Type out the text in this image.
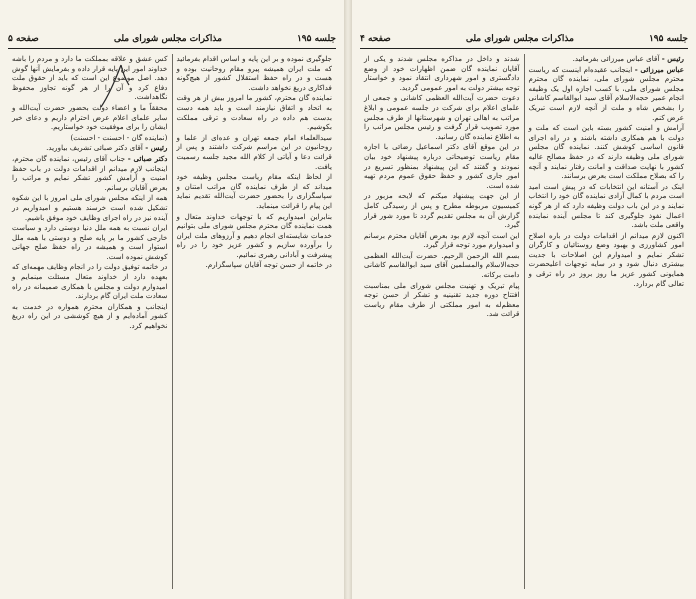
جلسه ۱۹۵
مذاکرات مجلس شورای ملی
صفحه ۵

جلوگیری نموده و بر این پایه و اساس اقدام بفرمائید که ملت ایران همیشه پیرو مقام روحانیت بوده و هست و در راه حفظ استقلال کشور از هیچ‌گونه فداکاری دریغ نخواهد داشت.

نماینده گان محترم، کشور ما امروز بیش از هر وقت به اتحاد و اتفاق نیازمند است و باید همه دست بدست هم داده در راه سعادت و ترقی مملکت بکوشیم.

سیدالعلماء امام جمعه تهران و عده‌ای از علما و روحانیون در این مراسم شرکت داشتند و پس از قرائت دعا و آیاتی از کلام الله مجید جلسه رسمیت یافت.

از لحاظ اینکه مقام ریاست مجلس وظیفه خود میداند که از طرف نماینده گان مراتب امتنان و سپاسگزاری را بحضور حضرت آیت‌الله تقدیم نماید این پیام را قرائت مینماید.

بنابراین امیدواریم که با توجهات خداوند متعال و همت نماینده گان محترم مجلس شورای ملی بتوانیم خدمات شایسته‌ای انجام دهیم و آرزوهای ملت ایران را برآورده سازیم و کشور عزیز خود را در راه پیشرفت و آبادانی رهبری نمائیم.

در خاتمه از حسن توجه آقایان سپاسگزارم.

کس عشق و علاقه بمملکت ما دارد و مردم را باشه خداوند امور این پایه قرار داده و بفرمایش آنها گوش دهد. اصل موضوع این است که باید از حقوق ملت دفاع کرد و آن را از هر گونه تجاوز محفوظ نگاهداشت.

محققاً ما و اعضاء دولت بحضور حضرت آیت‌الله و سایر علمای اعلام عرض احترام داریم و دعای خیر ایشان را برای موفقیت خود خواستاریم.

(نماینده گان - احسنت - احسنت)

رئیس - آقای دکتر صبائی تشریف بیاورید.

دکتر صبائی - جناب آقای رئیس، نماینده گان محترم، اینجانب لازم میدانم از اقدامات دولت در باب حفظ امنیت و آرامش کشور تشکر نمایم و مراتب را بعرض آقایان برسانم.

همه از اینکه مجلس شورای ملی امروز با این شکوه تشکیل شده است خرسند هستیم و امیدواریم در آینده نیز در راه اجرای وظایف خود موفق باشیم.

ایران نسبت به همه ملل دنیا دوستی دارد و سیاست خارجی کشور ما بر پایه صلح و دوستی با همه ملل استوار است و همیشه در راه حفظ صلح جهانی کوشش نموده است.

در خاتمه توفیق دولت را در انجام وظایف مهمه‌ای که بعهده دارد از خداوند متعال مسئلت مینمایم و امیدوارم دولت و مجلس با همکاری صمیمانه در راه سعادت ملت ایران گام بردارند.

اینجانب و همکاران محترم همواره در خدمت به کشور آماده‌ایم و از هیچ کوششی در این راه دریغ نخواهیم کرد.

جلسه ۱۹۵
مذاکرات مجلس شورای ملی
صفحه ۴

رئیس - آقای عباس میرزائی بفرمائید.

عباس میرزائی - اینجانب عقیده‌ام اینست که ریاست محترم مجلس شورای ملی، نماینده گان محترم مجلس شورای ملی، با کسب اجازه اول یک وظیفه انجام عمیر حجه‌الاسلام آقای سید ابوالقاسم کاشانی را بشخص شاه و ملت از آنچه لازم است تبریک عرض کنم.

آرامش و امنیت کشور بسته باین است که ملت و دولت با هم همکاری داشته باشند و در راه اجرای قانون اساسی کوشش کنند. نماینده گان مجلس شورای ملی وظیفه دارند که در حفظ مصالح عالیه کشور با نهایت صداقت و امانت رفتار نمایند و آنچه را که بصلاح مملکت است بعرض برسانند.

اینک در آستانه این انتخابات که در پیش است امید است مردم با کمال آزادی نماینده گان خود را انتخاب نمایند و در این باب دولت وظیفه دارد که از هر گونه اعمال نفوذ جلوگیری کند تا مجلس آینده نماینده واقعی ملت باشد.

اکنون لازم میدانم از اقدامات دولت در باره اصلاح امور کشاورزی و بهبود وضع روستائیان و کارگران تشکر نمایم و امیدوارم این اصلاحات با جدیت بیشتری دنبال شود و در سایه توجهات اعلیحضرت همایونی کشور عزیز ما روز بروز در راه ترقی و تعالی گام بردارد.

شدند و داخل در مذاکره مجلس شدند و یکی از آقایان نماینده گان ضمن اظهارات خود از وضع دادگستری و امور شهرداری انتقاد نمود و خواستار توجه بیشتر دولت به امور عمومی گردید.

دعوت حضرت آیت‌الله العظمی کاشانی و جمعی از علمای اعلام برای شرکت در جلسه عمومی و ابلاغ مراتب به اهالی تهران و شهرستانها از طرف مجلس مورد تصویب قرار گرفت و رئیس مجلس مراتب را به اطلاع نماینده گان رسانید.

در این موقع آقای دکتر اسماعیل رضائی با اجازه مقام ریاست توضیحاتی درباره پیشنهاد خود بیان نمودند و گفتند که این پیشنهاد بمنظور تسریع در امور جاری کشور و حفظ حقوق عموم مردم تهیه شده است.

از این جهت پیشنهاد میکنم که لایحه مزبور در کمیسیون مربوطه مطرح و پس از رسیدگی کامل گزارش آن به مجلس تقدیم گردد تا مورد شور قرار گیرد.

این است آنچه لازم بود بعرض آقایان محترم برسانم و امیدوارم مورد توجه قرار گیرد.

بسم الله الرحمن الرحیم. حضرت آیت‌الله العظمی حجه‌الاسلام والمسلمین آقای سید ابوالقاسم کاشانی دامت برکاته.

پیام تبریک و تهنیت مجلس شورای ملی بمناسبت افتتاح دوره جدید تقنینیه و تشکر از حسن توجه معظم‌له به امور مملکتی از طرف مقام ریاست قرائت شد.
